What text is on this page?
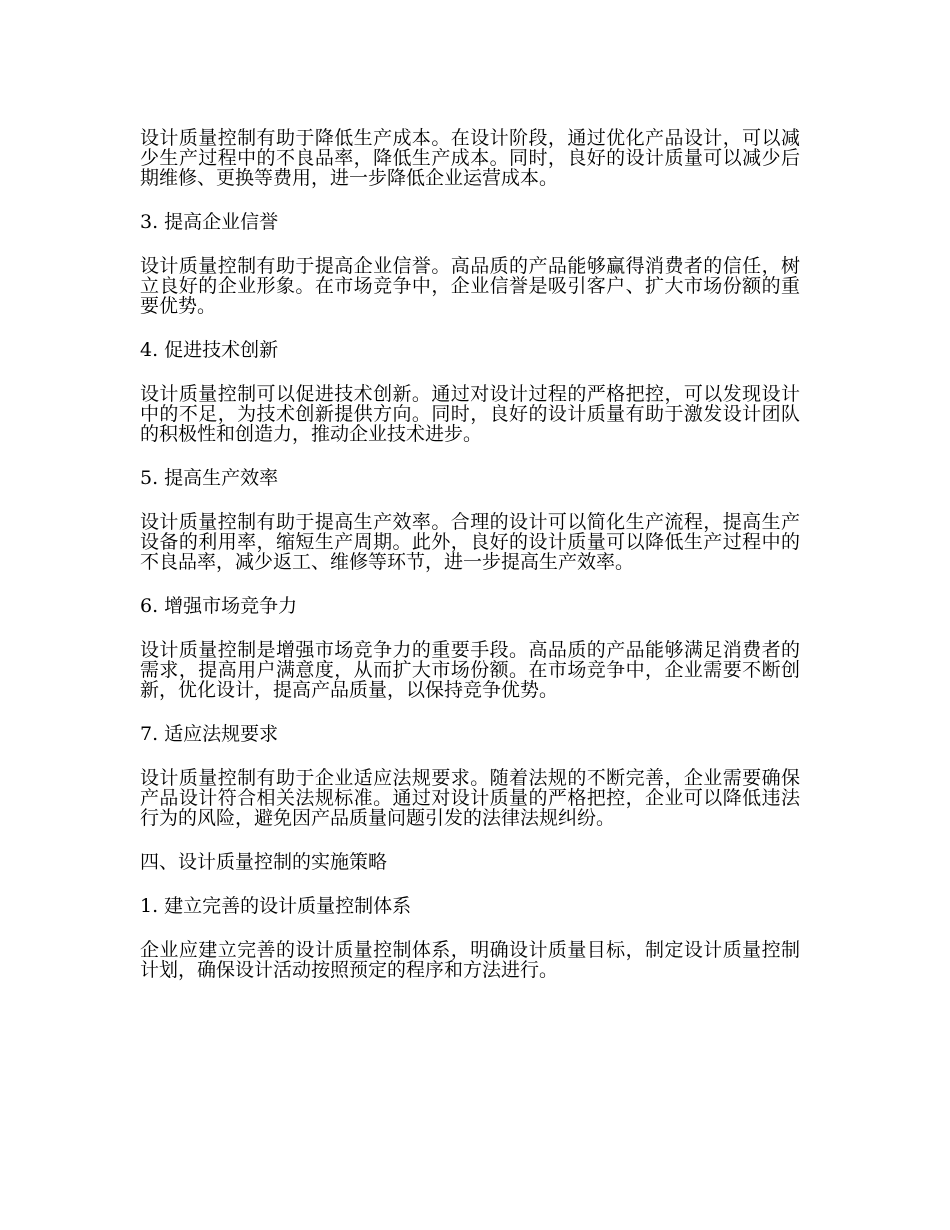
设计质量控制有助于降低生产成本。在设计阶段，通过优化产品设计，可以减少生产过程中的不良品率，降低生产成本。同时，良好的设计质量可以减少后期维修、更换等费用，进一步降低企业运营成本。

3. 提高企业信誉

设计质量控制有助于提高企业信誉。高品质的产品能够赢得消费者的信任，树立良好的企业形象。在市场竞争中，企业信誉是吸引客户、扩大市场份额的重要优势。

4. 促进技术创新

设计质量控制可以促进技术创新。通过对设计过程的严格把控，可以发现设计中的不足，为技术创新提供方向。同时，良好的设计质量有助于激发设计团队的积极性和创造力，推动企业技术进步。

5. 提高生产效率

设计质量控制有助于提高生产效率。合理的设计可以简化生产流程，提高生产设备的利用率，缩短生产周期。此外，良好的设计质量可以降低生产过程中的不良品率，减少返工、维修等环节，进一步提高生产效率。

6. 增强市场竞争力

设计质量控制是增强市场竞争力的重要手段。高品质的产品能够满足消费者的需求，提高用户满意度，从而扩大市场份额。在市场竞争中，企业需要不断创新，优化设计，提高产品质量，以保持竞争优势。

7. 适应法规要求

设计质量控制有助于企业适应法规要求。随着法规的不断完善，企业需要确保产品设计符合相关法规标准。通过对设计质量的严格把控，企业可以降低违法行为的风险，避免因产品质量问题引发的法律法规纠纷。

四、设计质量控制的实施策略

1. 建立完善的设计质量控制体系

企业应建立完善的设计质量控制体系，明确设计质量目标，制定设计质量控制计划，确保设计活动按照预定的程序和方法进行。
